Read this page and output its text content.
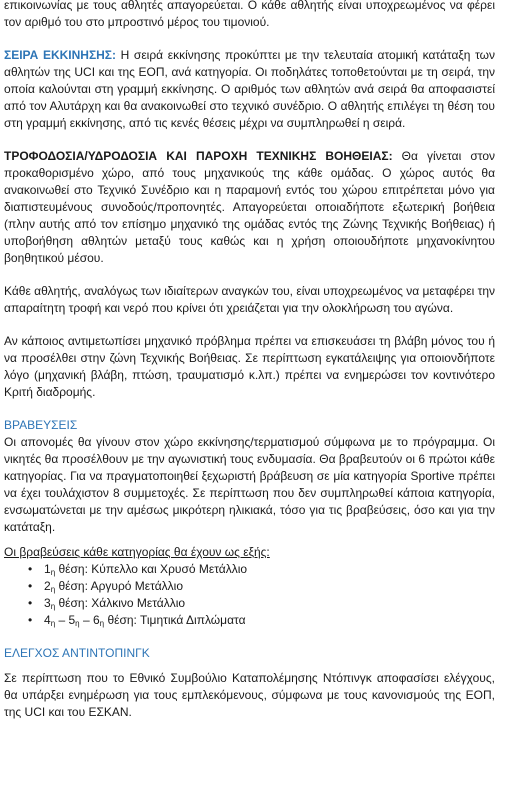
επικοινωνίας με τους αθλητές απαγορεύεται. Ο κάθε αθλητής είναι υποχρεωμένος να φέρει τον αριθμό του στο μπροστινό μέρος του τιμονιού.

ΣΕΙΡΑ ΕΚΚΙΝΗΣΗΣ: Η σειρά εκκίνησης προκύπτει με την τελευταία ατομική κατάταξη των αθλητών της UCI και της ΕΟΠ, ανά κατηγορία. Οι ποδηλάτες τοποθετούνται με τη σειρά, την οποία καλούνται στη γραμμή εκκίνησης. Ο αριθμός των αθλητών ανά σειρά θα αποφασιστεί από τον Αλυτάρχη και θα ανακοινωθεί στο τεχνικό συνέδριο. Ο αθλητής επιλέγει τη θέση του στη γραμμή εκκίνησης, από τις κενές θέσεις μέχρι να συμπληρωθεί η σειρά.

ΤΡΟΦΟΔΟΣΙΑ/ΥΔΡΟΔΟΣΙΑ ΚΑΙ ΠΑΡΟΧΗ ΤΕΧΝΙΚΗΣ ΒΟΗΘΕΙΑΣ: Θα γίνεται στον προκαθορισμένο χώρο, από τους μηχανικούς της κάθε ομάδας. Ο χώρος αυτός θα ανακοινωθεί στο Τεχνικό Συνέδριο και η παραμονή εντός του χώρου επιτρέπεται μόνο για διαπιστευμένους συνοδούς/προπονητές. Απαγορεύεται οποιαδήποτε εξωτερική βοήθεια (πλην αυτής από τον επίσημο μηχανικό της ομάδας εντός της Ζώνης Τεχνικής Βοήθειας) ή υποβοήθηση αθλητών μεταξύ τους καθώς και η χρήση οποιουδήποτε μηχανοκίνητου βοηθητικού μέσου.

Κάθε αθλητής, αναλόγως των ιδιαίτερων αναγκών του, είναι υποχρεωμένος να μεταφέρει την απαραίτητη τροφή και νερό που κρίνει ότι χρειάζεται για την ολοκλήρωση του αγώνα.

Αν κάποιος αντιμετωπίσει μηχανικό πρόβλημα πρέπει να επισκευάσει τη βλάβη μόνος του ή να προσέλθει στην ζώνη Τεχνικής Βοήθειας. Σε περίπτωση εγκατάλειψης για οποιονδήποτε λόγο (μηχανική βλάβη, πτώση, τραυματισμό κ.λπ.) πρέπει να ενημερώσει τον κοντινότερο Κριτή διαδρομής.

ΒΡΑΒΕΥΣΕΙΣ

Οι απονομές θα γίνουν στον χώρο εκκίνησης/τερματισμού σύμφωνα με το πρόγραμμα. Οι νικητές θα προσέλθουν με την αγωνιστική τους ενδυμασία. Θα βραβευτούν οι 6 πρώτοι κάθε κατηγορίας. Για να πραγματοποιηθεί ξεχωριστή βράβευση σε μία κατηγορία Sportive πρέπει να έχει τουλάχιστον 8 συμμετοχές. Σε περίπτωση που δεν συμπληρωθεί κάποια κατηγορία, ενσωματώνεται με την αμέσως μικρότερη ηλικιακά, τόσο για τις βραβεύσεις, όσο και για την κατάταξη.

Οι βραβεύσεις κάθε κατηγορίας θα έχουν ως εξής:

• $1_\eta$ θέση: Κύπελλο και Χρυσό Μετάλλιο
• $2_\eta$ θέση: Αργυρό Μετάλλιο
• $3_\eta$ θέση: Χάλκινο Μετάλλιο
• $4_\eta - 5_\eta - 6_\eta$ θέση: Τιμητικά Διπλώματα

ΕΛΕΓΧΟΣ ΑΝΤΙΝΤΟΠΙΝΓΚ

Σε περίπτωση που το Εθνικό Συμβούλιο Καταπολέμησης Ντόπινγκ αποφασίσει ελέγχους, θα υπάρξει ενημέρωση για τους εμπλεκόμενους, σύμφωνα με τους κανονισμούς της ΕΟΠ, της UCI και του ΕΣΚΑΝ.
